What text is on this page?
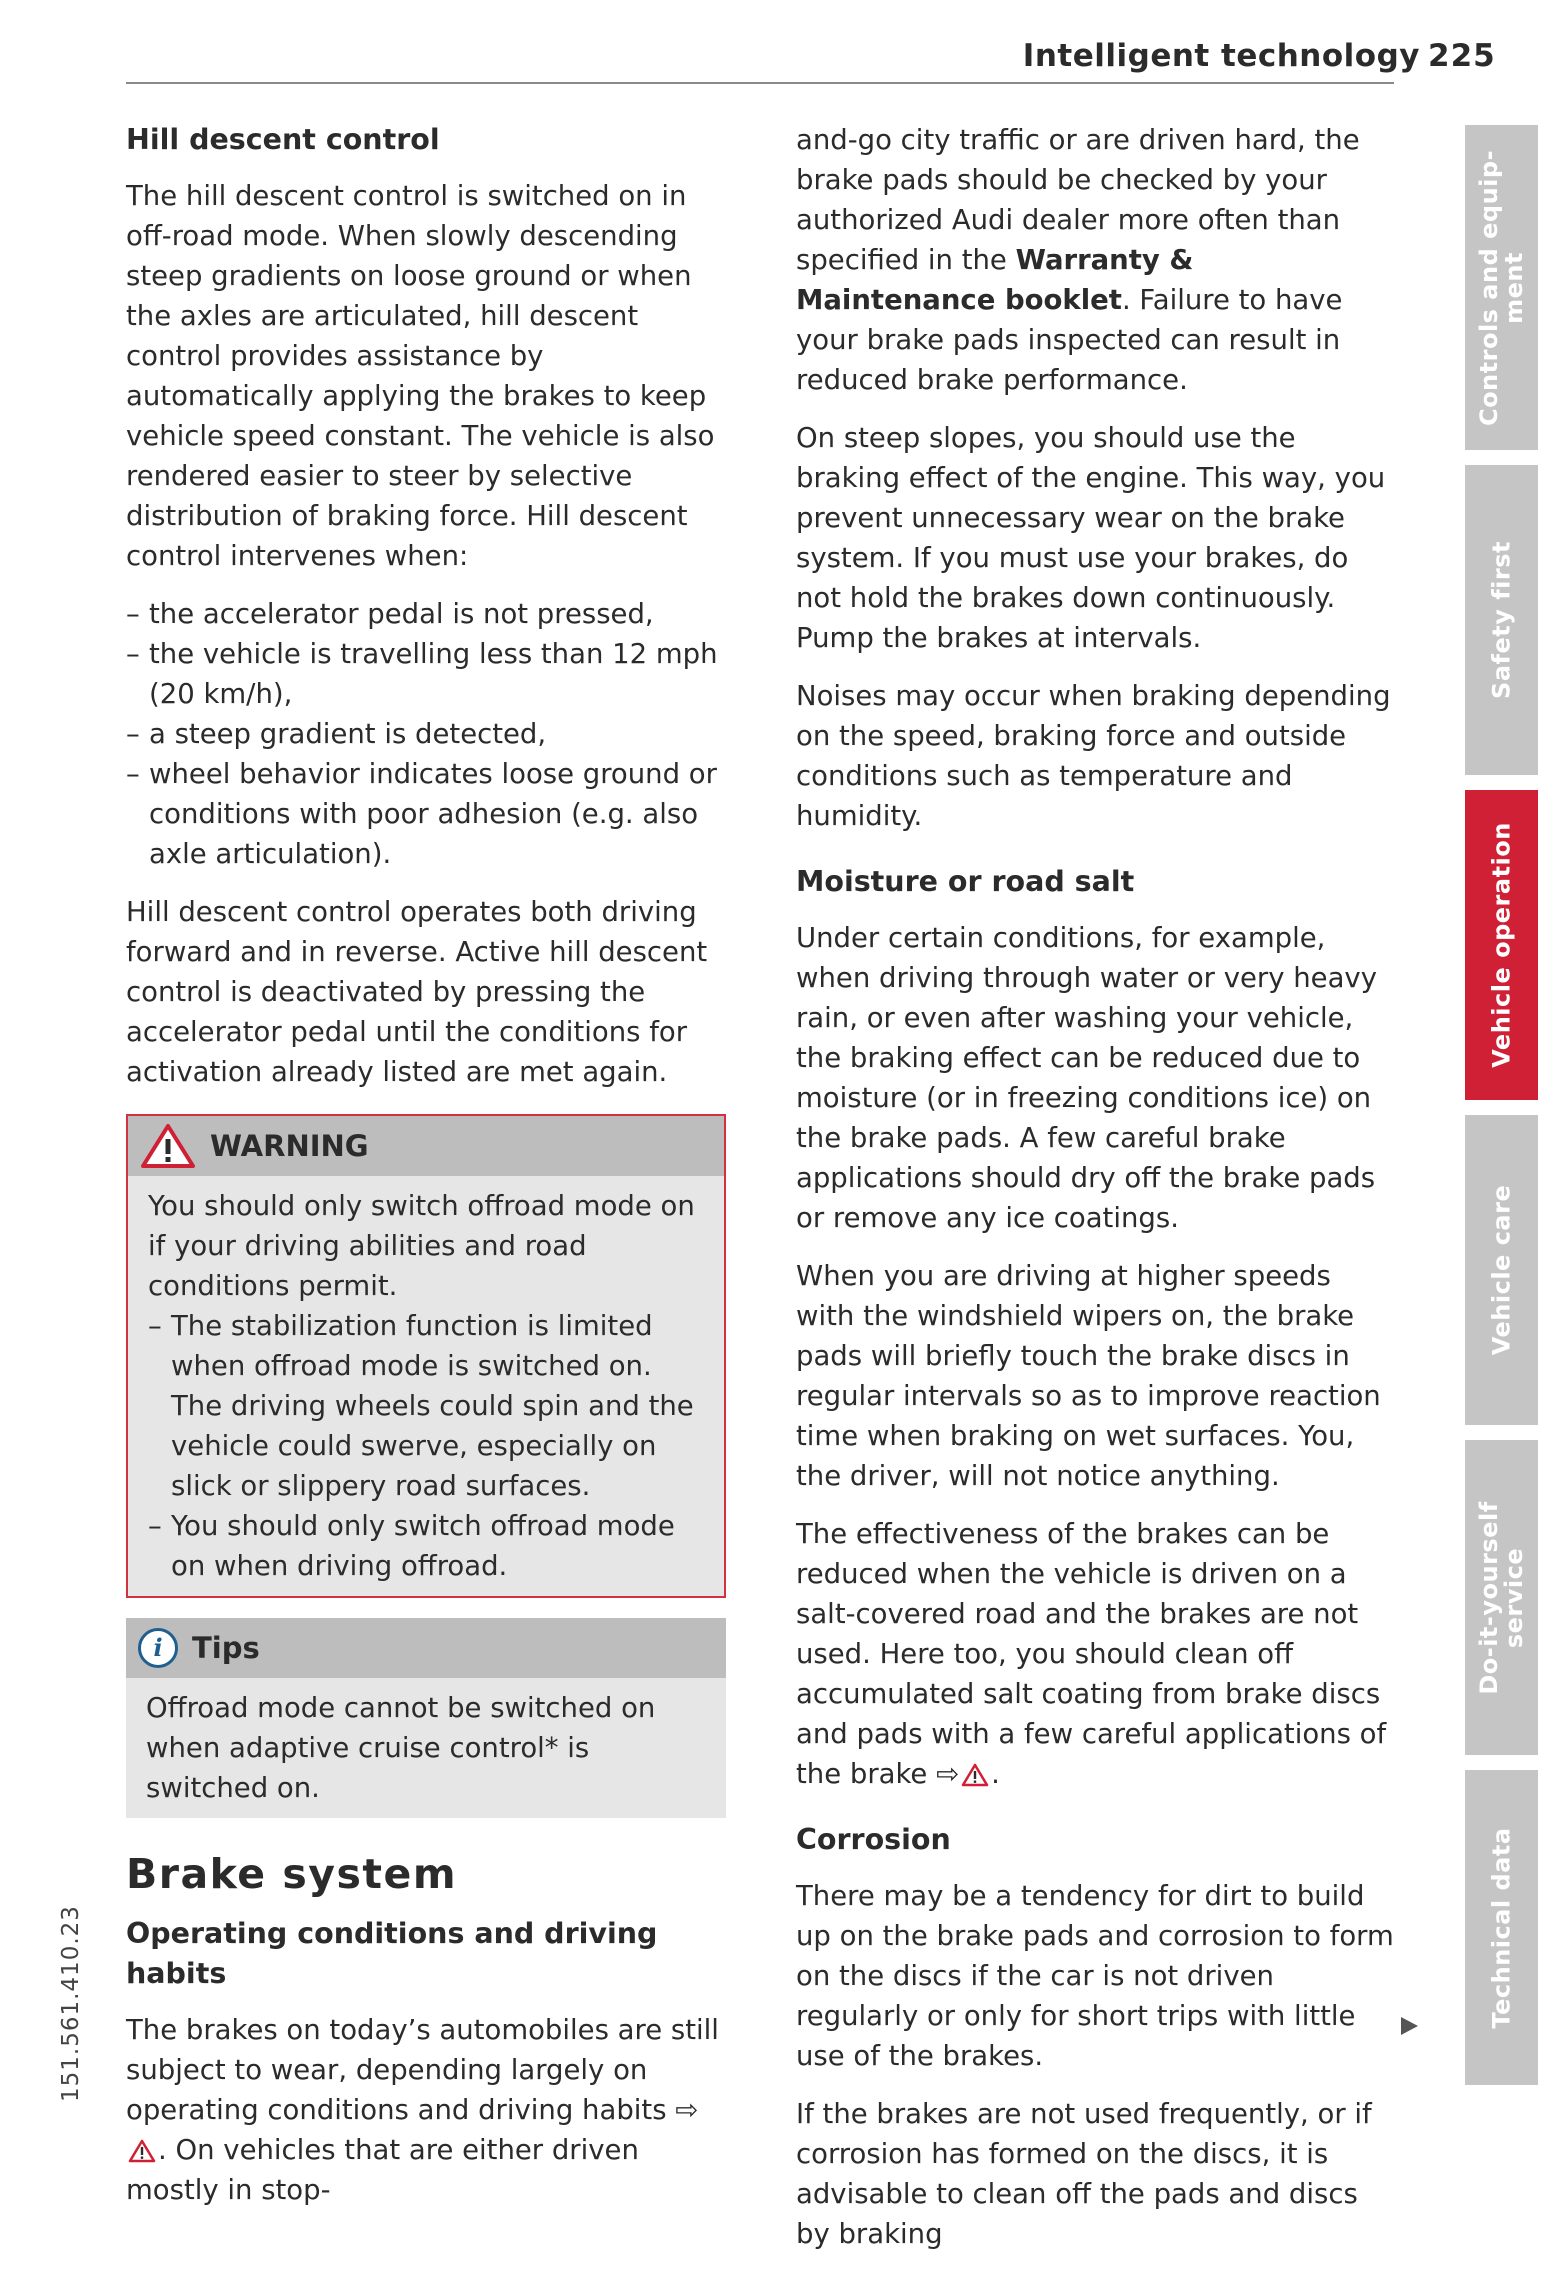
Intelligent technology 225
Hill descent control

The hill descent control is switched on in off-road mode. When slowly descending steep gradients on loose ground or when the axles are articulated, hill descent control provides assistance by automatically applying the brakes to keep vehicle speed constant. The vehicle is also rendered easier to steer by selective distribution of braking force. Hill descent control intervenes when:

– the accelerator pedal is not pressed,
– the vehicle is travelling less than 12 mph (20 km/h),
– a steep gradient is detected,
– wheel behavior indicates loose ground or conditions with poor adhesion (e.g. also axle articulation).

Hill descent control operates both driving forward and in reverse. Active hill descent control is deactivated by pressing the accelerator pedal until the conditions for activation already listed are met again.

WARNING

You should only switch offroad mode on if your driving abilities and road conditions permit.

– The stabilization function is limited when offroad mode is switched on. The driving wheels could spin and the vehicle could swerve, especially on slick or slippery road surfaces.
– You should only switch offroad mode on when driving offroad.
i	Tips

Offroad mode cannot be switched on when adaptive cruise control* is switched on.

Brake system
Operating conditions and driving habits

The brakes on today’s automobiles are still subject to wear, depending largely on operating conditions and driving habits ⇨. On vehicles that are either driven mostly in stop-

and-go city traffic or are driven hard, the brake pads should be checked by your authorized Audi dealer more often than specified in the Warranty & Maintenance booklet. Failure to have your brake pads inspected can result in reduced brake performance.

On steep slopes, you should use the braking effect of the engine. This way, you prevent unnecessary wear on the brake system. If you must use your brakes, do not hold the brakes down continuously. Pump the brakes at intervals.

Noises may occur when braking depending on the speed, braking force and outside conditions such as temperature and humidity.

Moisture or road salt

Under certain conditions, for example, when driving through water or very heavy rain, or even after washing your vehicle, the braking effect can be reduced due to moisture (or in freezing conditions ice) on the brake pads. A few careful brake applications should dry off the brake pads or remove any ice coatings.

When you are driving at higher speeds with the windshield wipers on, the brake pads will briefly touch the brake discs in regular intervals so as to improve reaction time when braking on wet surfaces. You, the driver, will not notice anything.

The effectiveness of the brakes can be reduced when the vehicle is driven on a salt-covered road and the brakes are not used. Here too, you should clean off accumulated salt coating from brake discs and pads with a few careful applications of the brake ⇨ .

Corrosion

There may be a tendency for dirt to build up on the brake pads and corrosion to form on the discs if the car is not driven regularly or only for short trips with little use of the brakes.

If the brakes are not used frequently, or if corrosion has formed on the discs, it is advisable to clean off the pads and discs by braking

151.561.410.23
Controls and equip-
ment
Safety first
Vehicle operation
Vehicle care
Do-it-yourself
service
Technical data
